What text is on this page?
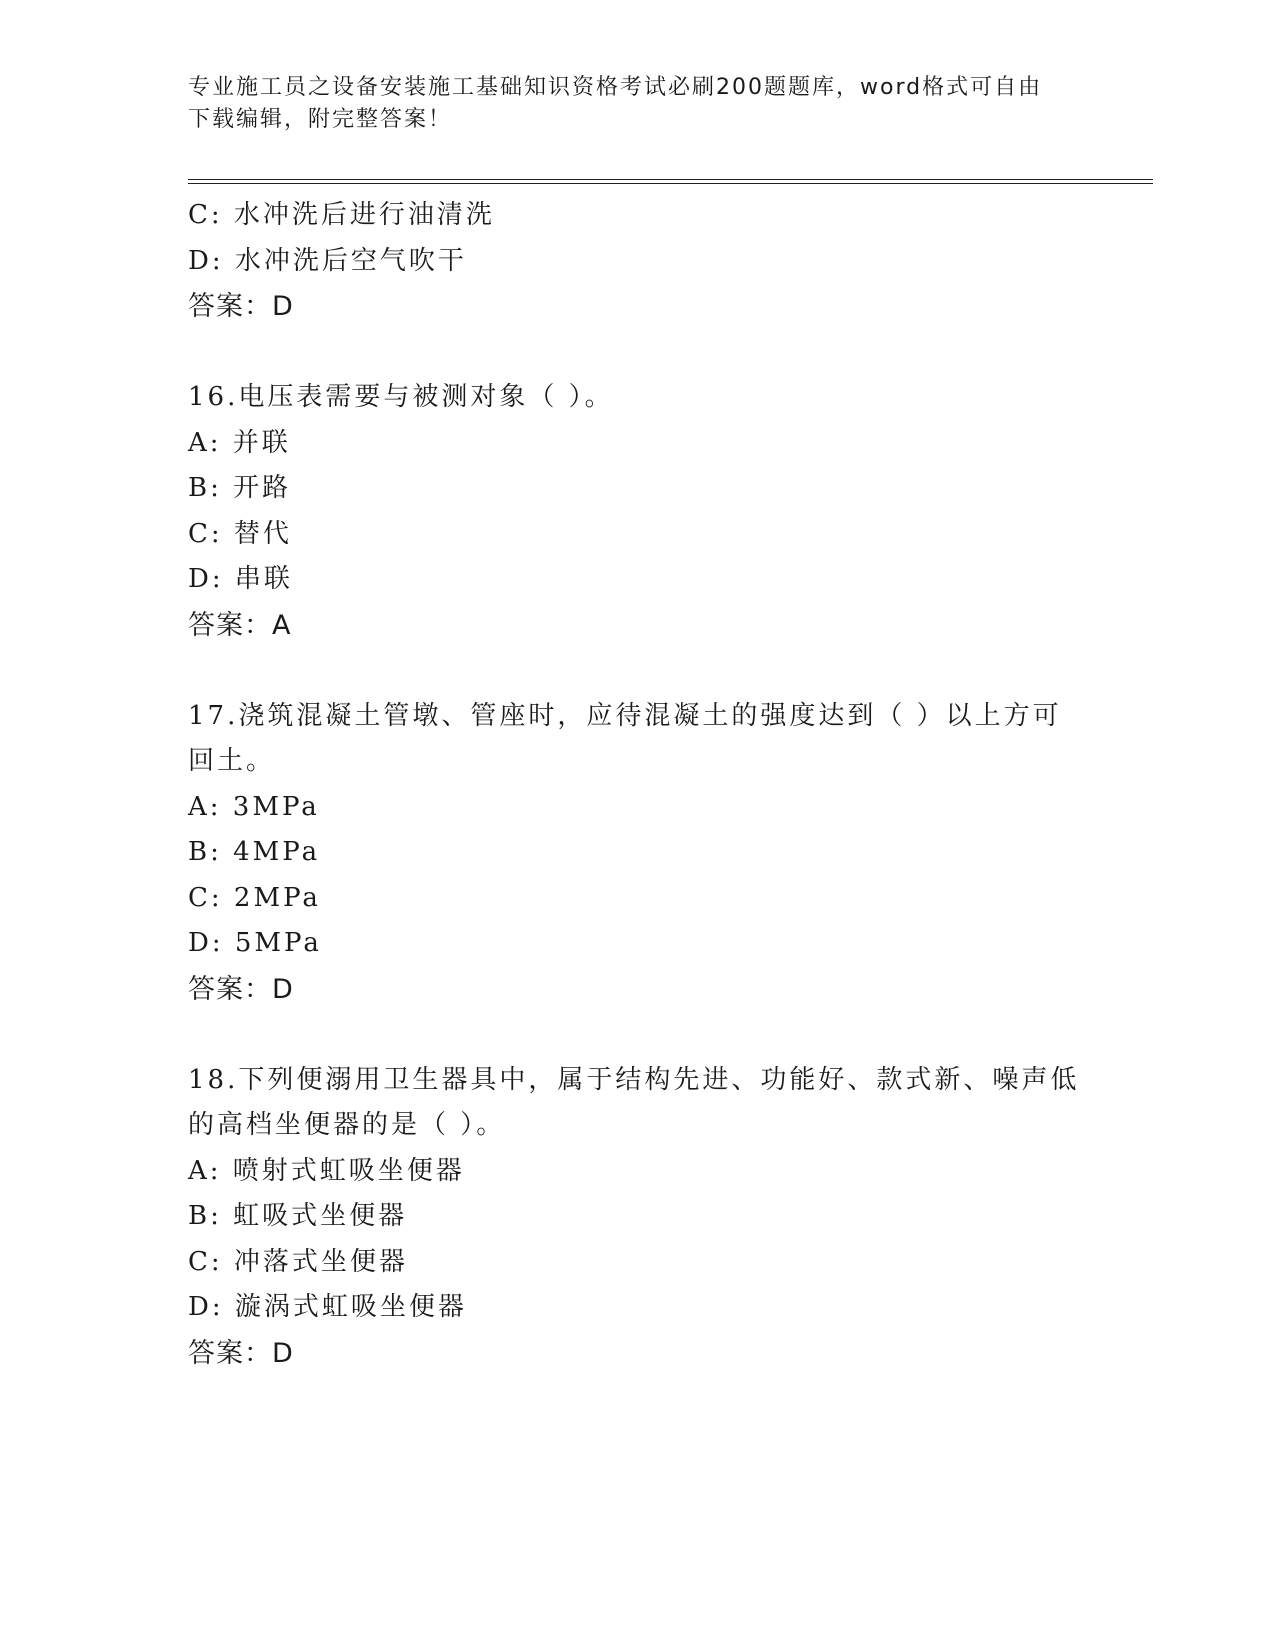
专业施工员之设备安装施工基础知识资格考试必刷200题题库，word格式可自由
下载编辑，附完整答案！
C: 水冲洗后进行油清洗
D: 水冲洗后空气吹干
答案：D
16.电压表需要与被测对象（ ）。
A: 并联
B: 开路
C: 替代
D: 串联
答案：A
17.浇筑混凝土管墩、管座时，应待混凝土的强度达到（ ）以上方可
回土。
A: 3MPa
B: 4MPa
C: 2MPa
D: 5MPa
答案：D
18.下列便溺用卫生器具中，属于结构先进、功能好、款式新、噪声低
的高档坐便器的是（ ）。
A: 喷射式虹吸坐便器
B: 虹吸式坐便器
C: 冲落式坐便器
D: 漩涡式虹吸坐便器
答案：D
